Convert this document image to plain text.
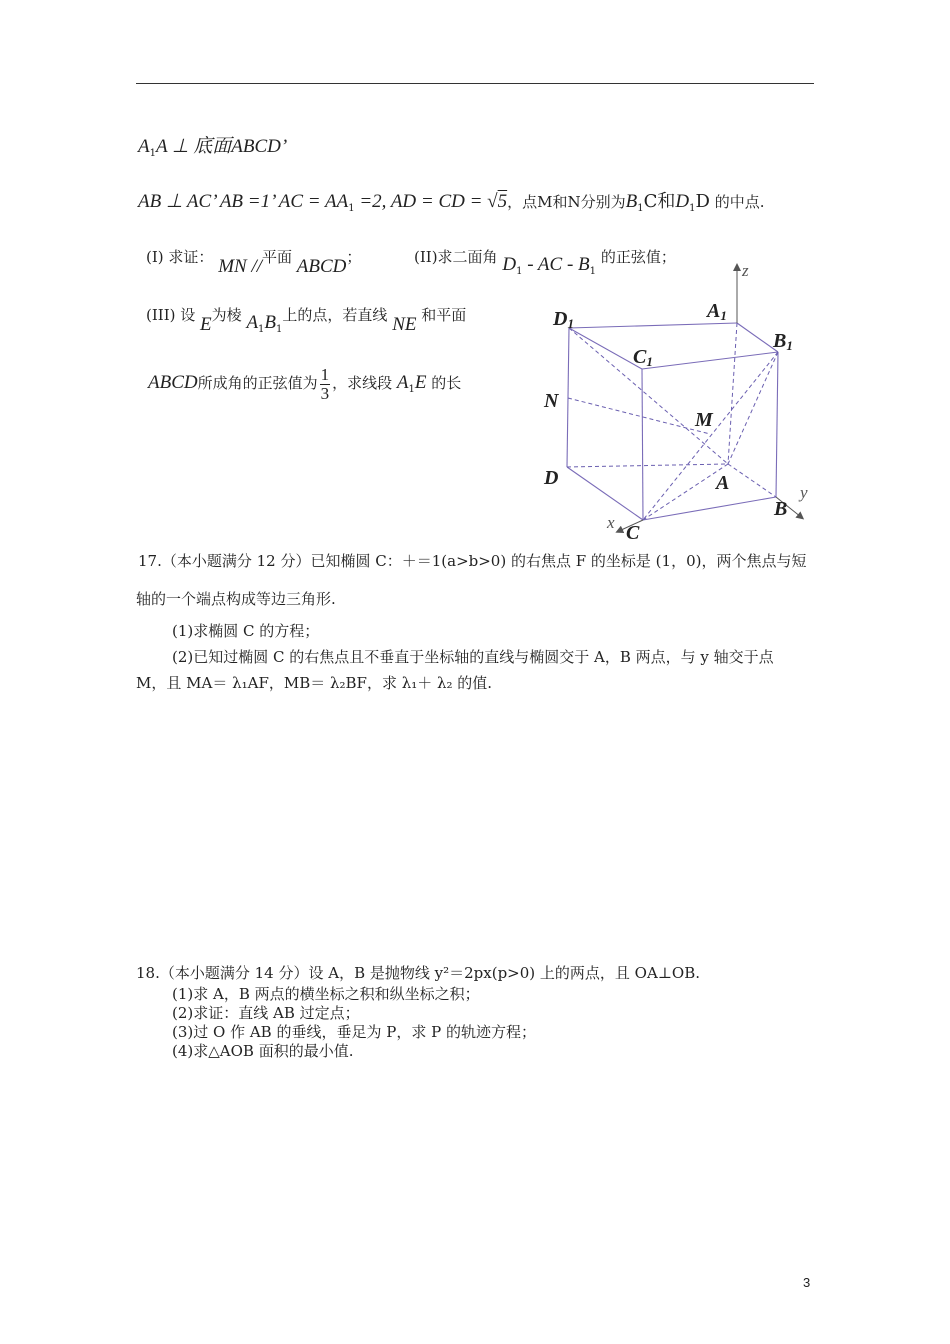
$A_1A$ ⊥ 底面ABCD’
AB ⊥ AC’ AB =1’ AC = $AA_1 =2$, AD = CD = √5，点M和N分别为$B_1C$和$D_1D$ 的中点.
(I) 求证： MN //平面 ABCD；	(II)求二面角 $D_1$ - AC - $B_1$ 的正弦值；
(III) 设 E为棱 $A_1B_1$上的点，若直线 NE 和平面
ABCD所成角的正弦值为 $\frac{1}{3}$ ，求线段 $A_1E$ 的长
z
y
x
D1
A1
B1
C1
N
M
D	A
B
C
17.（本小题满分 12 分）已知椭圆 C：＋＝1(a>b>0) 的右焦点 F 的坐标是 (1，0)，两个焦点与短
轴的一个端点构成等边三角形.
(1)求椭圆 C 的方程；
(2)已知过椭圆 C 的右焦点且不垂直于坐标轴的直线与椭圆交于 A，B 两点，与 y 轴交于点
M，且 MA＝ λ₁AF，MB＝ λ₂BF，求 λ₁＋ λ₂ 的值.
18.（本小题满分 14 分）设 A，B 是抛物线 y²＝2px(p>0) 上的两点，且 OA⊥OB.
(1)求 A，B 两点的横坐标之积和纵坐标之积；
(2)求证：直线 AB 过定点；
(3)过 O 作 AB 的垂线，垂足为 P，求 P 的轨迹方程；
(4)求△AOB 面积的最小值.
3
